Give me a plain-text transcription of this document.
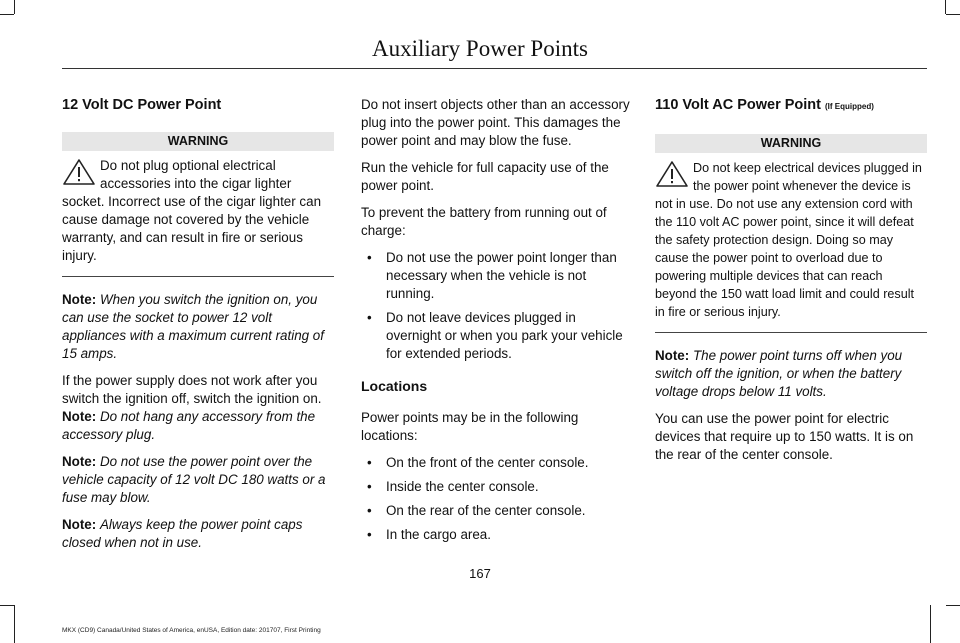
Auxiliary Power Points
12 Volt DC Power Point
WARNING
Do not plug optional electrical accessories into the cigar lighter socket. Incorrect use of the cigar lighter can cause damage not covered by the vehicle warranty, and can result in fire or serious injury.

Note: When you switch the ignition on, you can use the socket to power 12 volt appliances with a maximum current rating of 15 amps.

If the power supply does not work after you switch the ignition off, switch the ignition on.

Note: Do not hang any accessory from the accessory plug.

Note: Do not use the power point over the vehicle capacity of 12 volt DC 180 watts or a fuse may blow.

Note: Always keep the power point caps closed when not in use.

Do not insert objects other than an accessory plug into the power point. This damages the power point and may blow the fuse.

Run the vehicle for full capacity use of the power point.

To prevent the battery from running out of charge:

• Do not use the power point longer than necessary when the vehicle is not running.
• Do not leave devices plugged in overnight or when you park your vehicle for extended periods.
Locations

Power points may be in the following locations:

• On the front of the center console.
• Inside the center console.
• On the rear of the center console.
• In the cargo area.
110 Volt AC Power Point (If Equipped)
WARNING
Do not keep electrical devices plugged in the power point whenever the device is not in use. Do not use any extension cord with the 110 volt AC power point, since it will defeat the safety protection design. Doing so may cause the power point to overload due to powering multiple devices that can reach beyond the 150 watt load limit and could result in fire or serious injury.

Note: The power point turns off when you switch off the ignition, or when the battery voltage drops below 11 volts.

You can use the power point for electric devices that require up to 150 watts. It is on the rear of the center console.

167
MKX (CD9) Canada/United States of America, enUSA, Edition date: 201707, First Printing
